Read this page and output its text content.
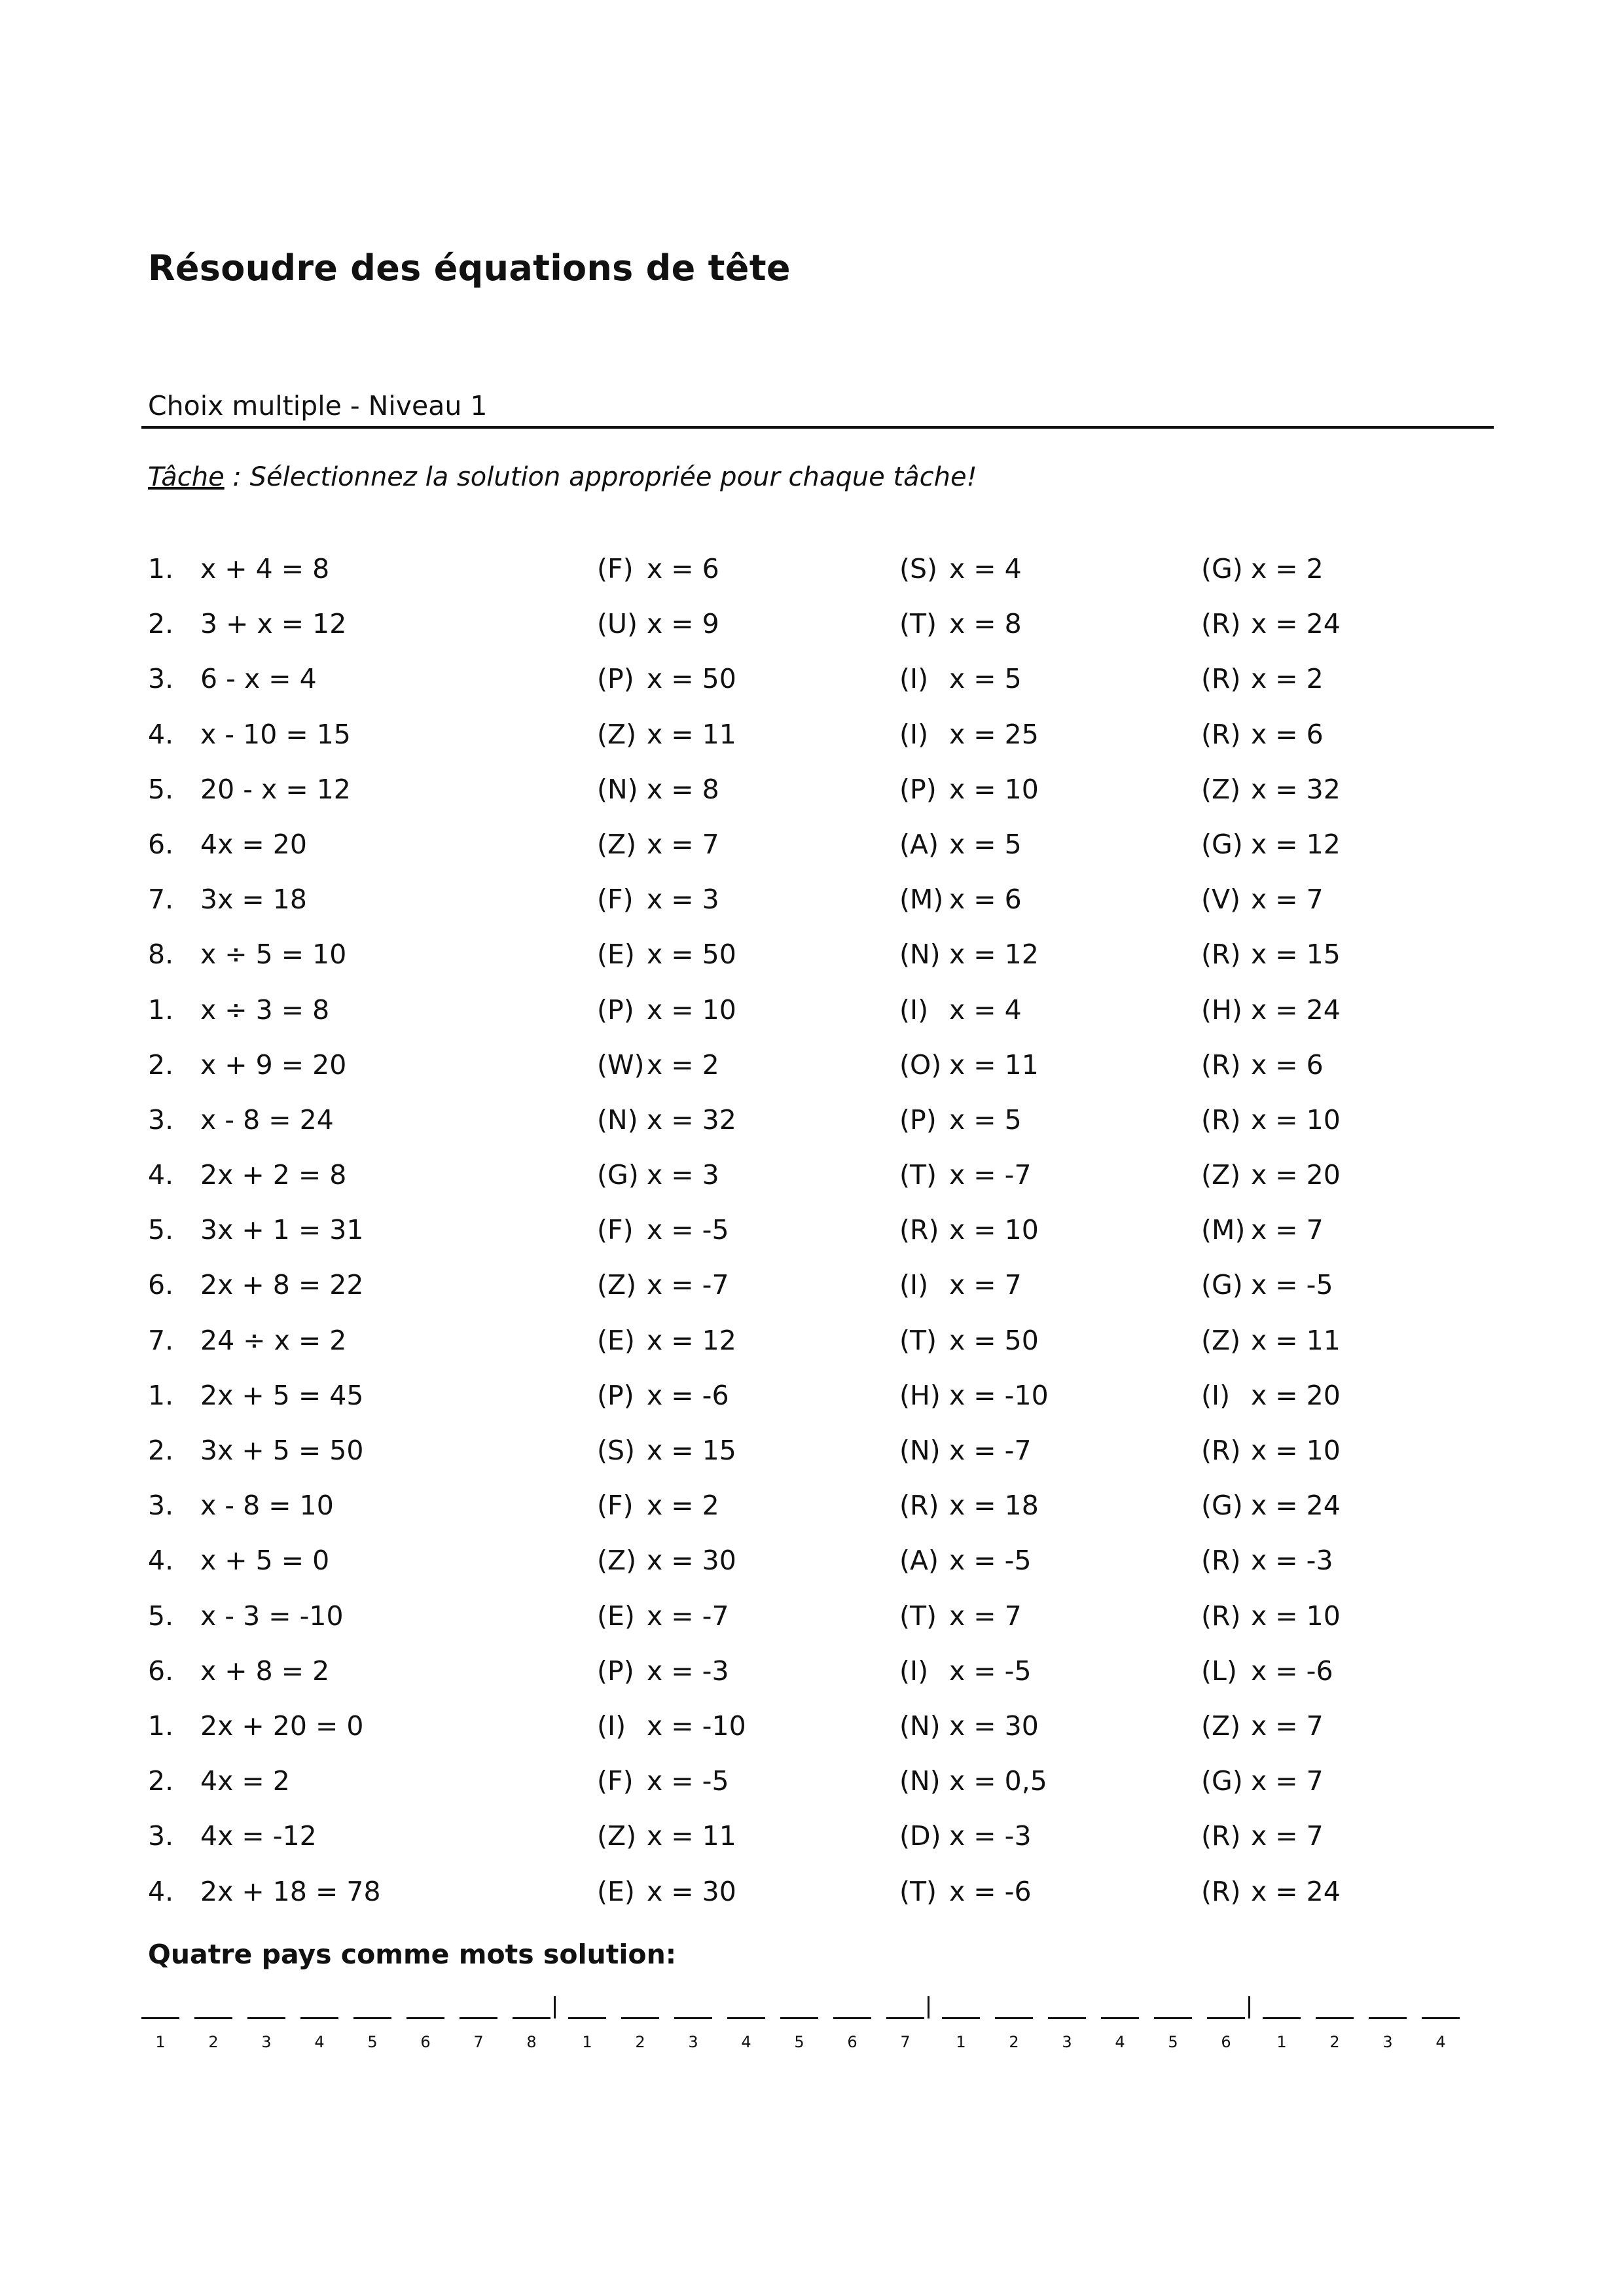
Résoudre des équations de tête
Choix multiple - Niveau 1
Tâche : Sélectionnez la solution appropriée pour chaque tâche!
1. x + 4 = 8	(F) x = 6	(S) x = 4	(G) x = 2
2. 3 + x = 12	(U) x = 9	(T) x = 8	(R) x = 24
3. 6 - x = 4	(P) x = 50	(I) x = 5	(R) x = 2
4. x - 10 = 15	(Z) x = 11	(I) x = 25	(R) x = 6
5. 20 - x = 12	(N) x = 8	(P) x = 10	(Z) x = 32
6. 4x = 20	(Z) x = 7	(A) x = 5	(G) x = 12
7. 3x = 18	(F) x = 3	(M) x = 6	(V) x = 7
8. x ÷ 5 = 10	(E) x = 50	(N) x = 12	(R) x = 15
1. x ÷ 3 = 8	(P) x = 10	(I) x = 4	(H) x = 24
2. x + 9 = 20	(W)x = 2	(O) x = 11	(R) x = 6
3. x - 8 = 24	(N) x = 32	(P) x = 5	(R) x = 10
4. 2x + 2 = 8	(G) x = 3	(T) x = -7	(Z) x = 20
5. 3x + 1 = 31	(F) x = -5	(R) x = 10	(M) x = 7
6. 2x + 8 = 22	(Z) x = -7	(I) x = 7	(G) x = -5
7. 24 ÷ x = 2	(E) x = 12	(T) x = 50	(Z) x = 11
1. 2x + 5 = 45	(P) x = -6	(H) x = -10	(I) x = 20
2. 3x + 5 = 50	(S) x = 15	(N) x = -7	(R) x = 10
3. x - 8 = 10	(F) x = 2	(R) x = 18	(G) x = 24
4. x + 5 = 0	(Z) x = 30	(A) x = -5	(R) x = -3
5. x - 3 = -10	(E) x = -7	(T) x = 7	(R) x = 10
6. x + 8 = 2	(P) x = -3	(I) x = -5	(L) x = -6
1. 2x + 20 = 0	(I) x = -10	(N) x = 30	(Z) x = 7
2. 4x = 2	(F) x = -5	(N) x = 0,5	(G) x = 7
3. 4x = -12	(Z) x = 11	(D) x = -3	(R) x = 7
4. 2x + 18 = 78	(E) x = 30	(T) x = -6	(R) x = 24
Quatre pays comme mots solution:
1	2	3	4	5	6	7	8	1	2	3	4	5	6	7	1	2	3	4	5	6	1	2	3	4
